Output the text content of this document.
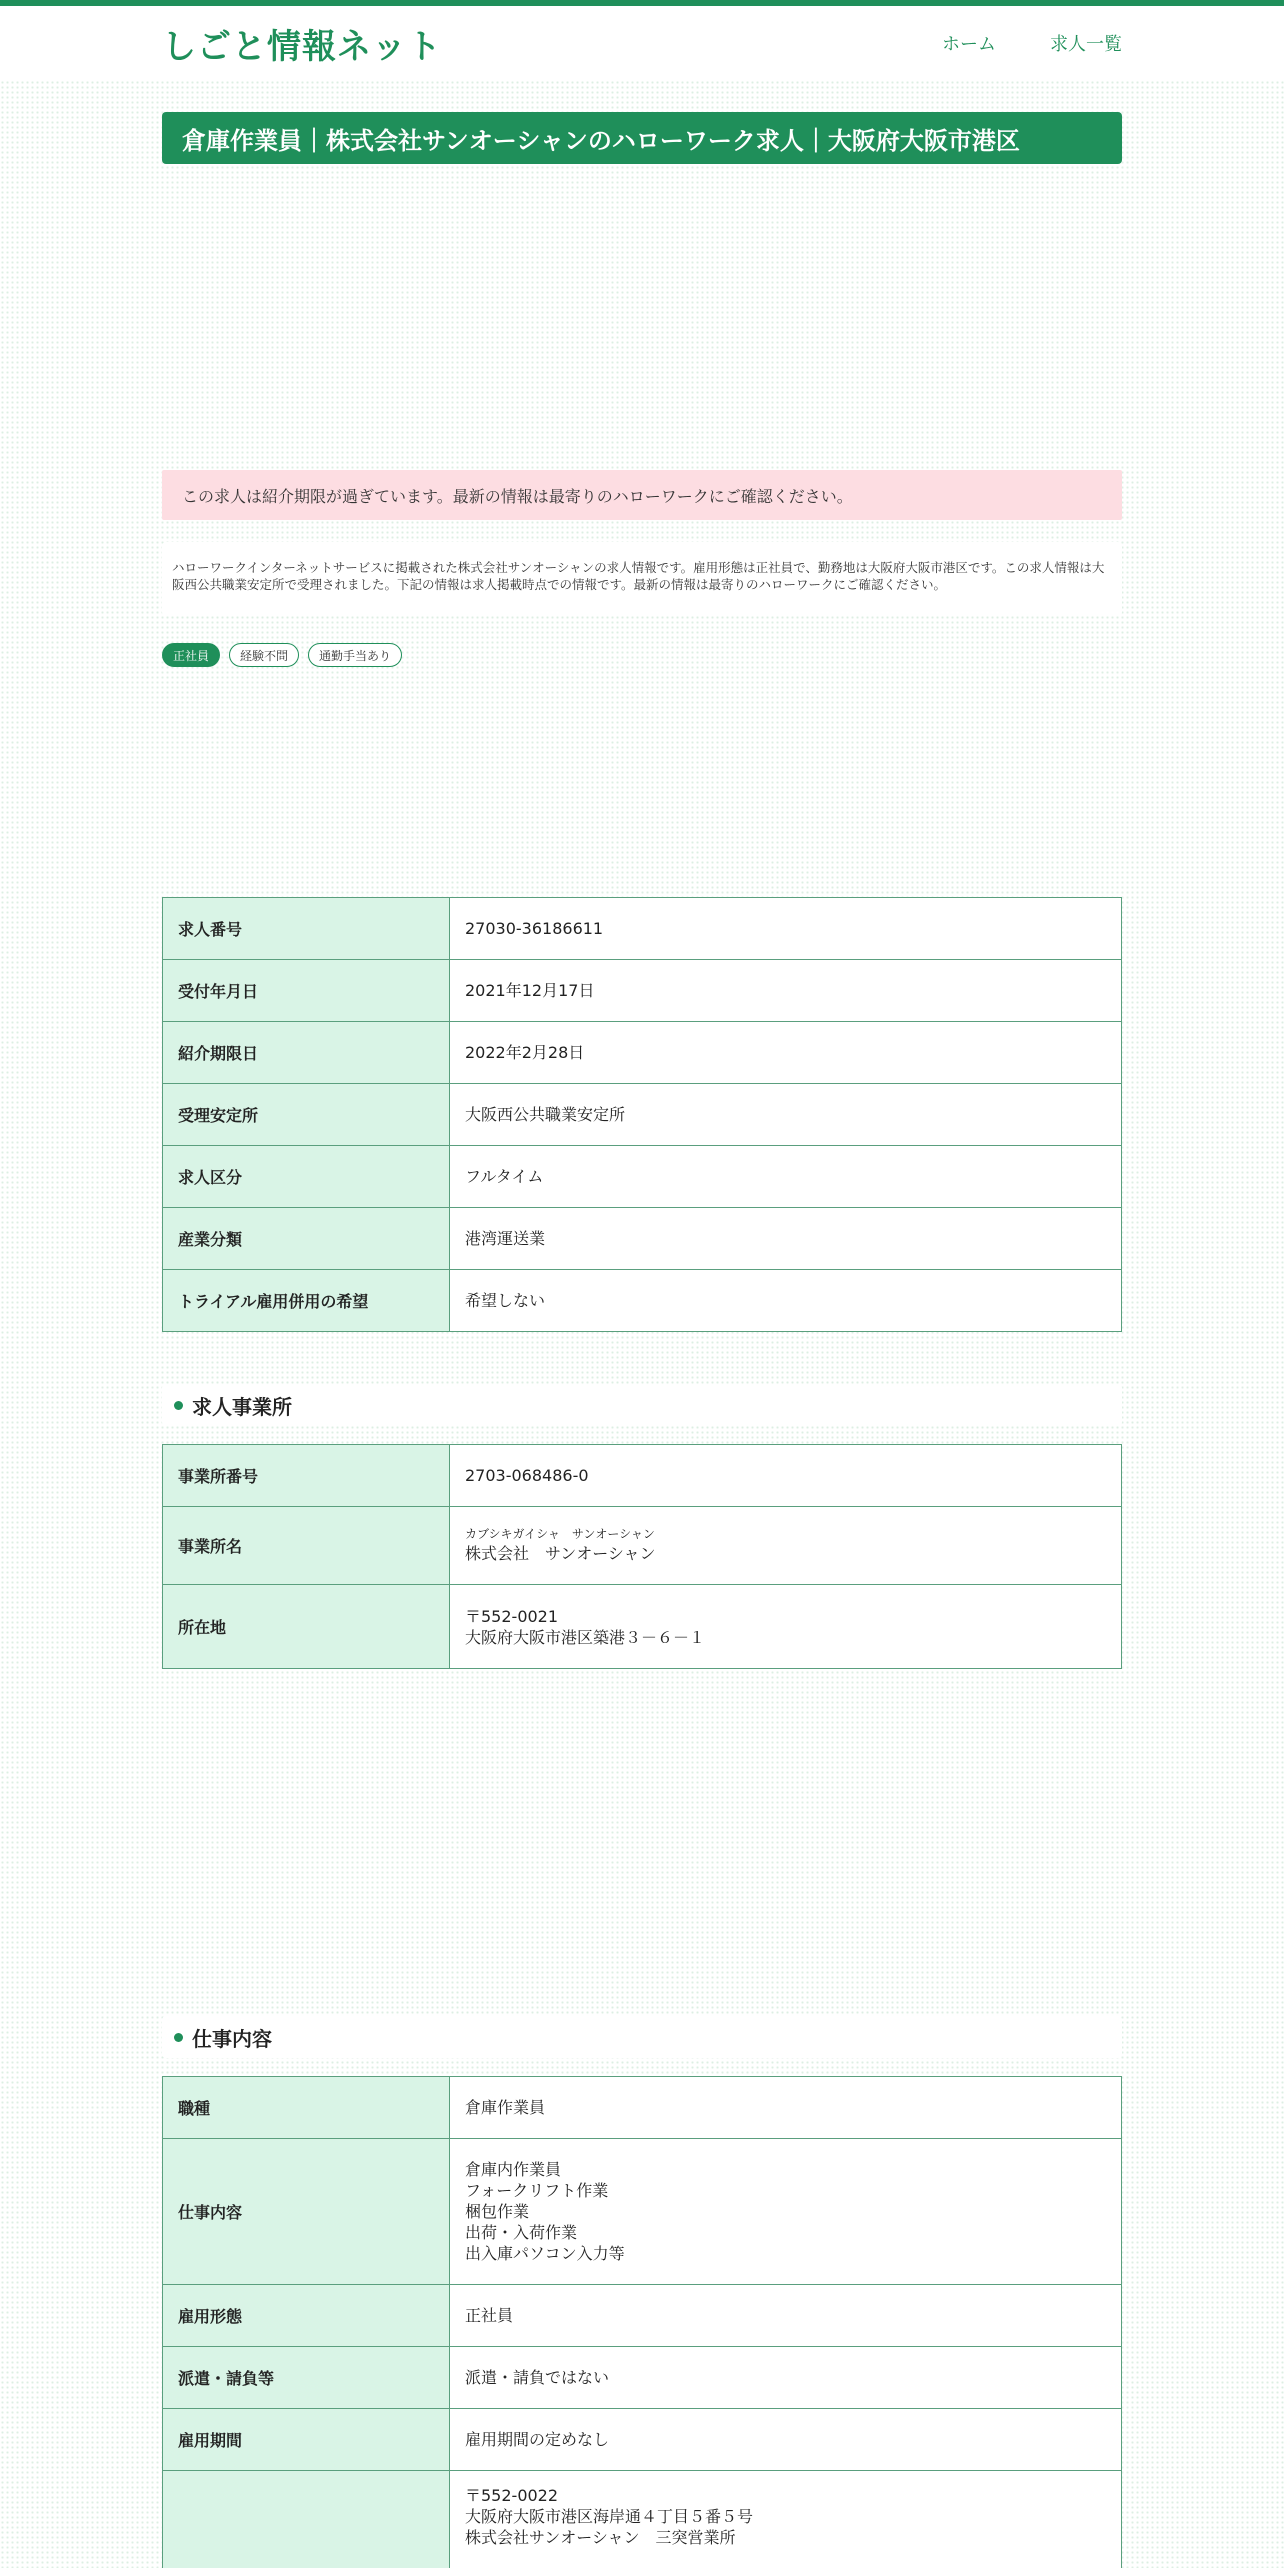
しごと情報ネット	ホーム	求人一覧
倉庫作業員｜株式会社サンオーシャンのハローワーク求人｜大阪府大阪市港区
この求人は紹介期限が過ぎています。最新の情報は最寄りのハローワークにご確認ください。

ハローワークインターネットサービスに掲載された株式会社サンオーシャンの求人情報です。雇用形態は正社員で、勤務地は大阪府大阪市港区です。この求人情報は大阪西公共職業安定所で受理されました。下記の情報は求人掲載時点での情報です。最新の情報は最寄りのハローワークにご確認ください。

正社員	経験不問	通勤手当あり
求人番号	27030-36186611
受付年月日	2021年12月17日
紹介期限日	2022年2月28日
受理安定所	大阪西公共職業安定所
求人区分	フルタイム
産業分類	港湾運送業
トライアル雇用併用の希望	希望しない
求人事業所
事業所番号	2703-068486-0
事業所名	カブシキガイシャ　サンオーシャン
株式会社　サンオーシャン
所在地	〒552-0021
大阪府大阪市港区築港３－６－１
仕事内容
職種	倉庫作業員
仕事内容	倉庫内作業員
フォークリフト作業
梱包作業
出荷・入荷作業
出入庫パソコン入力等

雇用形態	正社員
派遣・請負等	派遣・請負ではない
雇用期間	雇用期間の定めなし

	〒552-0022
大阪府大阪市港区海岸通４丁目５番５号
株式会社サンオーシャン　三突営業所
